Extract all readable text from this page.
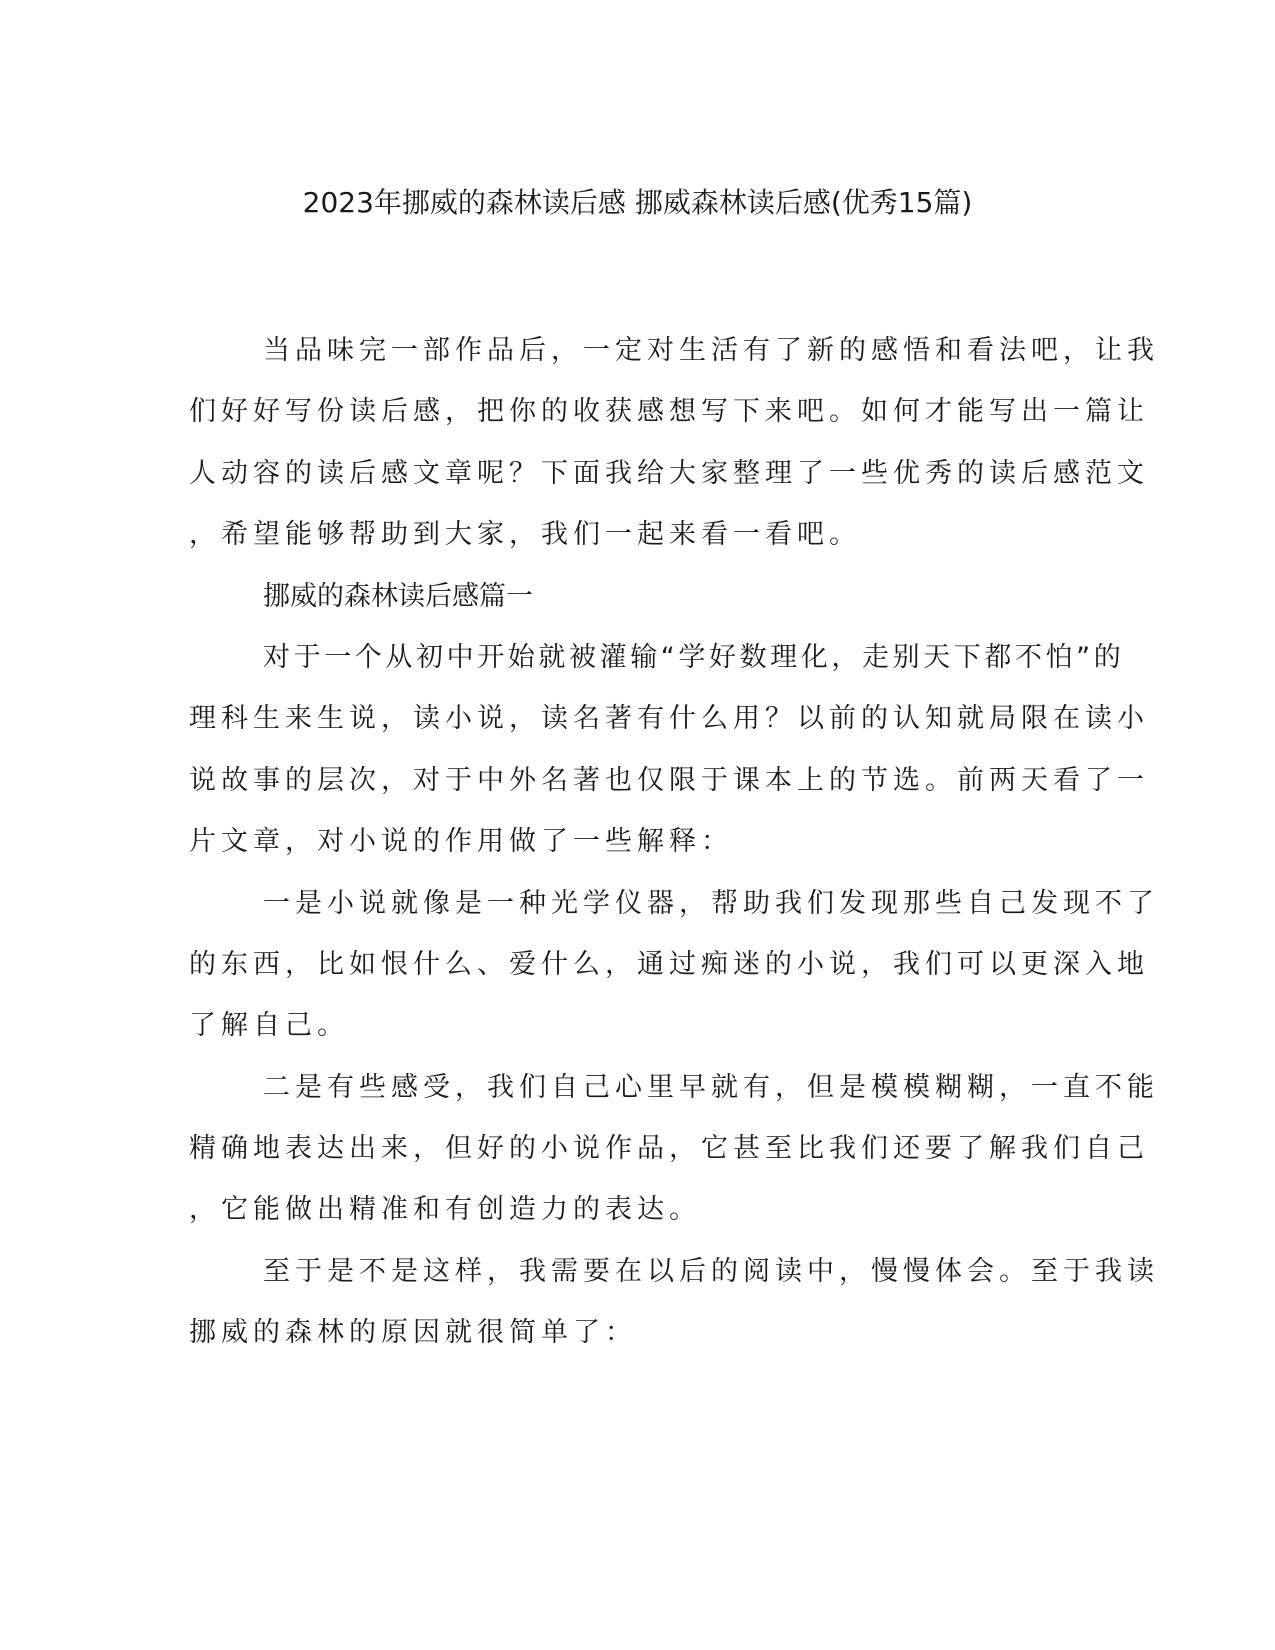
2023年挪威的森林读后感 挪威森林读后感(优秀15篇)
当品味完一部作品后，一定对生活有了新的感悟和看法吧，让我
们好好写份读后感，把你的收获感想写下来吧。如何才能写出一篇让
人动容的读后感文章呢？下面我给大家整理了一些优秀的读后感范文
，希望能够帮助到大家，我们一起来看一看吧。
挪威的森林读后感篇一
对于一个从初中开始就被灌输“学好数理化，走别天下都不怕”的
理科生来生说，读小说，读名著有什么用？以前的认知就局限在读小
说故事的层次，对于中外名著也仅限于课本上的节选。前两天看了一
片文章，对小说的作用做了一些解释：
一是小说就像是一种光学仪器，帮助我们发现那些自己发现不了
的东西，比如恨什么、爱什么，通过痴迷的小说，我们可以更深入地
了解自己。
二是有些感受，我们自己心里早就有，但是模模糊糊，一直不能
精确地表达出来，但好的小说作品，它甚至比我们还要了解我们自己
，它能做出精准和有创造力的表达。
至于是不是这样，我需要在以后的阅读中，慢慢体会。至于我读
挪威的森林的原因就很简单了：
